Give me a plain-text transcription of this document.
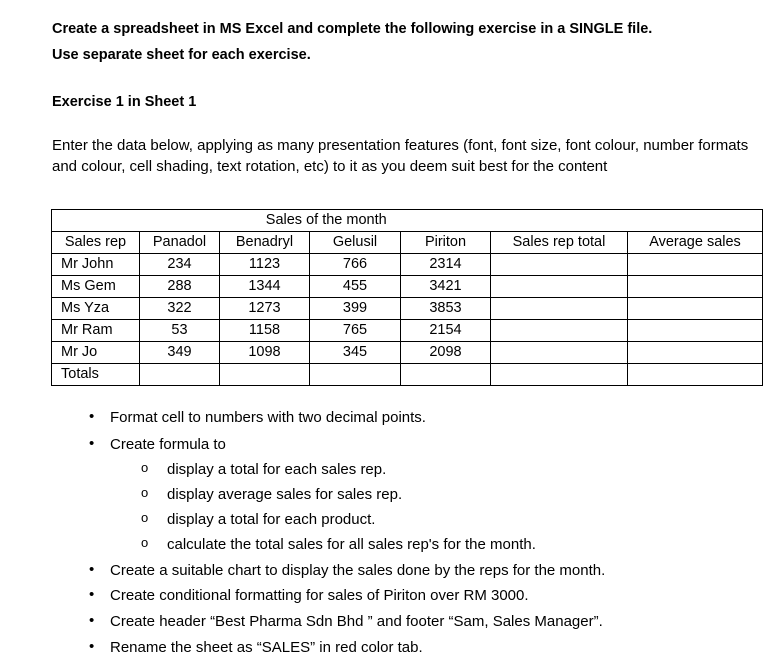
Create a spreadsheet in MS Excel and complete the following exercise in a SINGLE file.
Use separate sheet for each exercise.
Exercise 1 in Sheet 1
Enter the data below, applying as many presentation features (font, font size, font colour, number formats and colour, cell shading, text rotation, etc) to it as you deem suit best for the content
	Sales of the month					
Sales rep	Panadol	Benadryl	Gelusil	Piriton	Sales rep total	Average sales
Mr John	234	1123	766	2314		
Ms Gem	288	1344	455	3421		
Ms Yza	322	1273	399	3853		
Mr Ram	53	1158	765	2154		
Mr Jo	349	1098	345	2098		
Totals						
• Format cell to numbers with two decimal points.
• Create formula to
o display a total for each sales rep.
o display average sales for sales rep.
o display a total for each product.
o calculate the total sales for all sales rep's for the month.
• Create a suitable chart to display the sales done by the reps for the month.
• Create conditional formatting for sales of Piriton over RM 3000.
• Create header “Best Pharma Sdn Bhd ” and footer “Sam, Sales Manager”.
• Rename the sheet as “SALES” in red color tab.
